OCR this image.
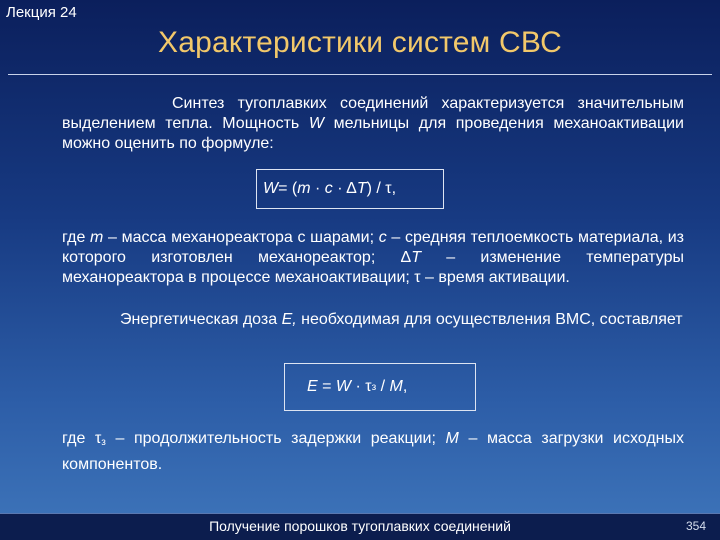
Лекция 24
Характеристики систем СВС
Синтез тугоплавких соединений характеризуется значительным выделением тепла. Мощность W мельницы для проведения механоактивации можно оценить по формуле:
W = ( m · c · Δ T ) / τ,
где m – масса механореактора с шарами; c – средняя теплоемкость материала, из которого изготовлен механореактор; ΔT – изменение температуры механореактора в процессе механоактивации; τ – время активации.
Энергетическая доза E, необходимая для осуществления ВМС, составляет
E = W · τ з / M ,
где $\tau_з$ – продолжительность задержки реакции; M – масса загрузки исходных компонентов.
Получение порошков тугоплавких соединений	354
